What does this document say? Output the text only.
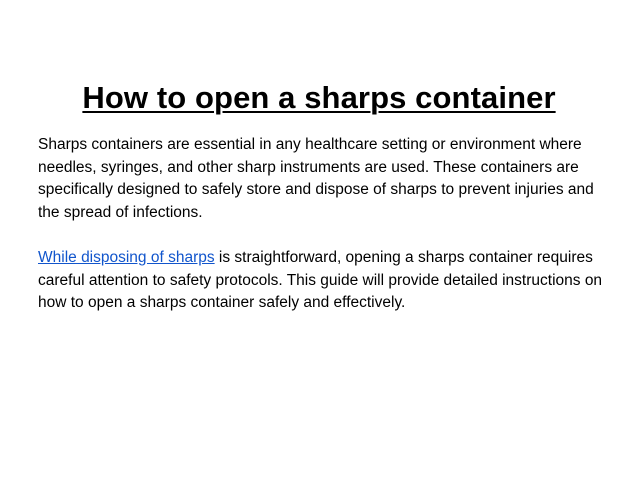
How to open a sharps container

Sharps containers are essential in any healthcare setting or environment where needles, syringes, and other sharp instruments are used. These containers are specifically designed to safely store and dispose of sharps to prevent injuries and the spread of infections.

While disposing of sharps is straightforward, opening a sharps container requires careful attention to safety protocols. This guide will provide detailed instructions on how to open a sharps container safely and effectively.
